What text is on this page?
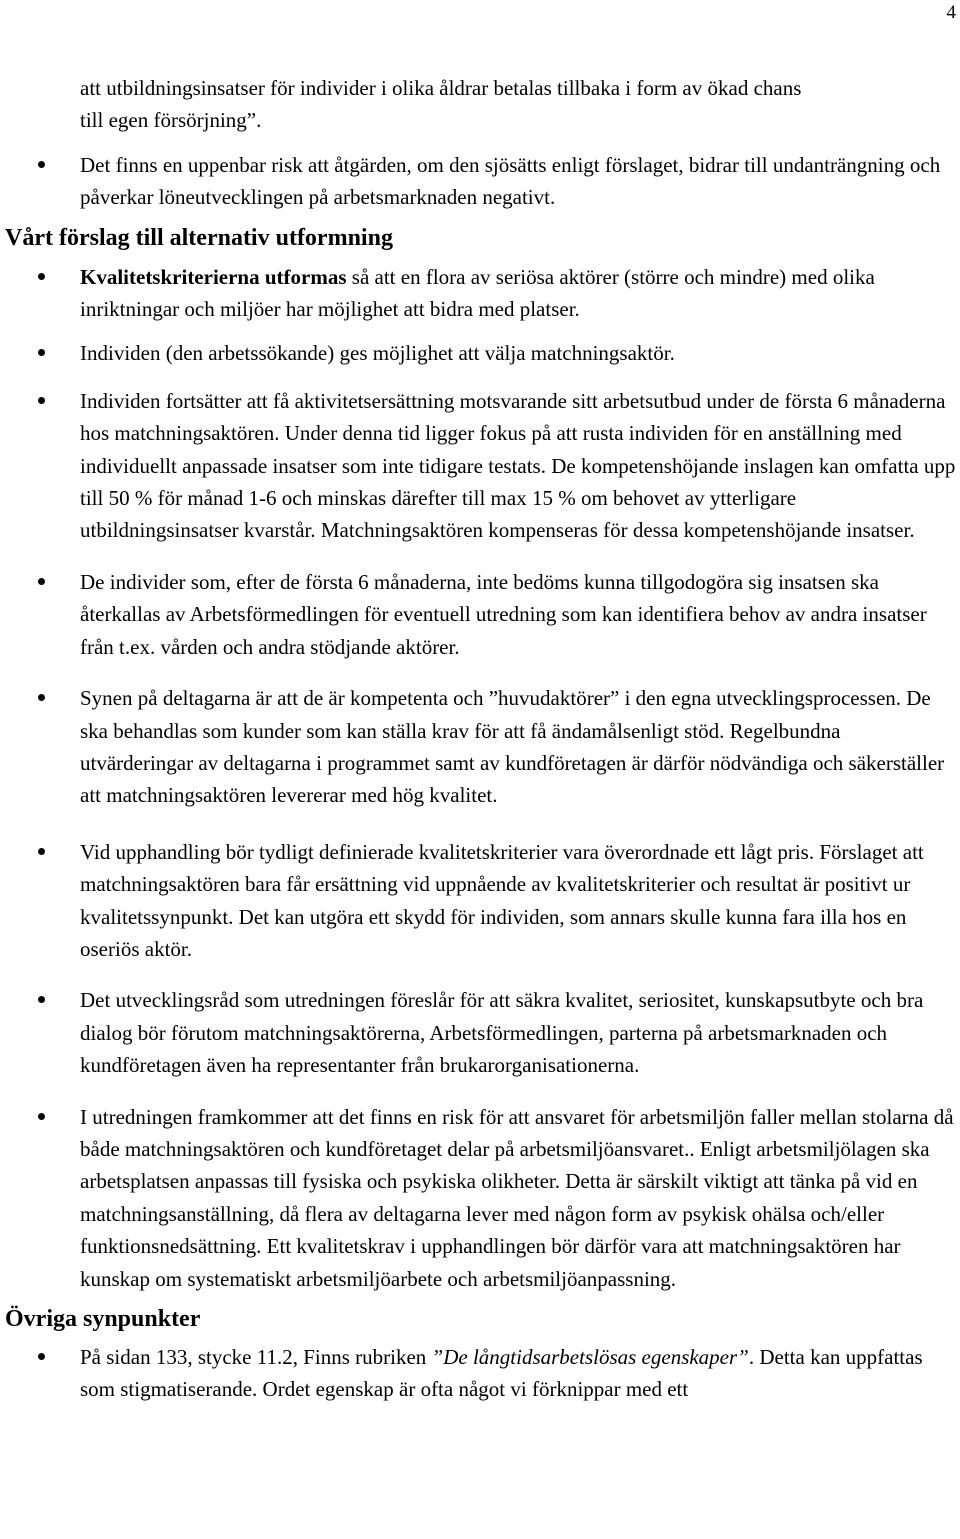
4

att utbildningsinsatser för individer i olika åldrar betalas tillbaka i form av ökad chans

till egen försörjning”.

Det finns en uppenbar risk att åtgärden, om den sjösätts enligt förslaget, bidrar till undanträngning och påverkar löneutvecklingen på arbetsmarknaden negativt.
Vårt förslag till alternativ utformning
Kvalitetskriterierna utformas så att en flora av seriösa aktörer (större och mindre) med olika inriktningar och miljöer har möjlighet att bidra med platser.
Individen (den arbetssökande) ges möjlighet att välja matchningsaktör.
Individen fortsätter att få aktivitetsersättning motsvarande sitt arbetsutbud under de första 6 månaderna hos matchningsaktören. Under denna tid ligger fokus på att rusta individen för en anställning med individuellt anpassade insatser som inte tidigare testats. De kompetenshöjande inslagen kan omfatta upp till 50 % för månad 1-6 och minskas därefter till max 15 % om behovet av ytterligare utbildningsinsatser kvarstår. Matchningsaktören kompenseras för dessa kompetenshöjande insatser.
De individer som, efter de första 6 månaderna, inte bedöms kunna tillgodogöra sig insatsen ska återkallas av Arbetsförmedlingen för eventuell utredning som kan identifiera behov av andra insatser från t.ex. vården och andra stödjande aktörer.
Synen på deltagarna är att de är kompetenta och ”huvudaktörer” i den egna utvecklingsprocessen. De ska behandlas som kunder som kan ställa krav för att få ändamålsenligt stöd. Regelbundna utvärderingar av deltagarna i programmet samt av kundföretagen är därför nödvändiga och säkerställer att matchningsaktören levererar med hög kvalitet.
Vid upphandling bör tydligt definierade kvalitetskriterier vara överordnade ett lågt pris. Förslaget att matchningsaktören bara får ersättning vid uppnående av kvalitetskriterier och resultat är positivt ur kvalitetssynpunkt. Det kan utgöra ett skydd för individen, som annars skulle kunna fara illa hos en oseriös aktör.
Det utvecklingsråd som utredningen föreslår för att säkra kvalitet, seriositet, kunskapsutbyte och bra dialog bör förutom matchningsaktörerna, Arbetsförmedlingen, parterna på arbetsmarknaden och kundföretagen även ha representanter från brukarorganisationerna.
I utredningen framkommer att det finns en risk för att ansvaret för arbetsmiljön faller mellan stolarna då både matchningsaktören och kundföretaget delar på arbetsmiljöansvaret.. Enligt arbetsmiljölagen ska arbetsplatsen anpassas till fysiska och psykiska olikheter. Detta är särskilt viktigt att tänka på vid en matchningsanställning, då flera av deltagarna lever med någon form av psykisk ohälsa och/eller funktionsnedsättning. Ett kvalitetskrav i upphandlingen bör därför vara att matchningsaktören har kunskap om systematiskt arbetsmiljöarbete och arbetsmiljöanpassning.
Övriga synpunkter
På sidan 133, stycke 11.2, Finns rubriken ”De långtidsarbetslösas egenskaper”. Detta kan uppfattas som stigmatiserande. Ordet egenskap är ofta något vi förknippar med ett
